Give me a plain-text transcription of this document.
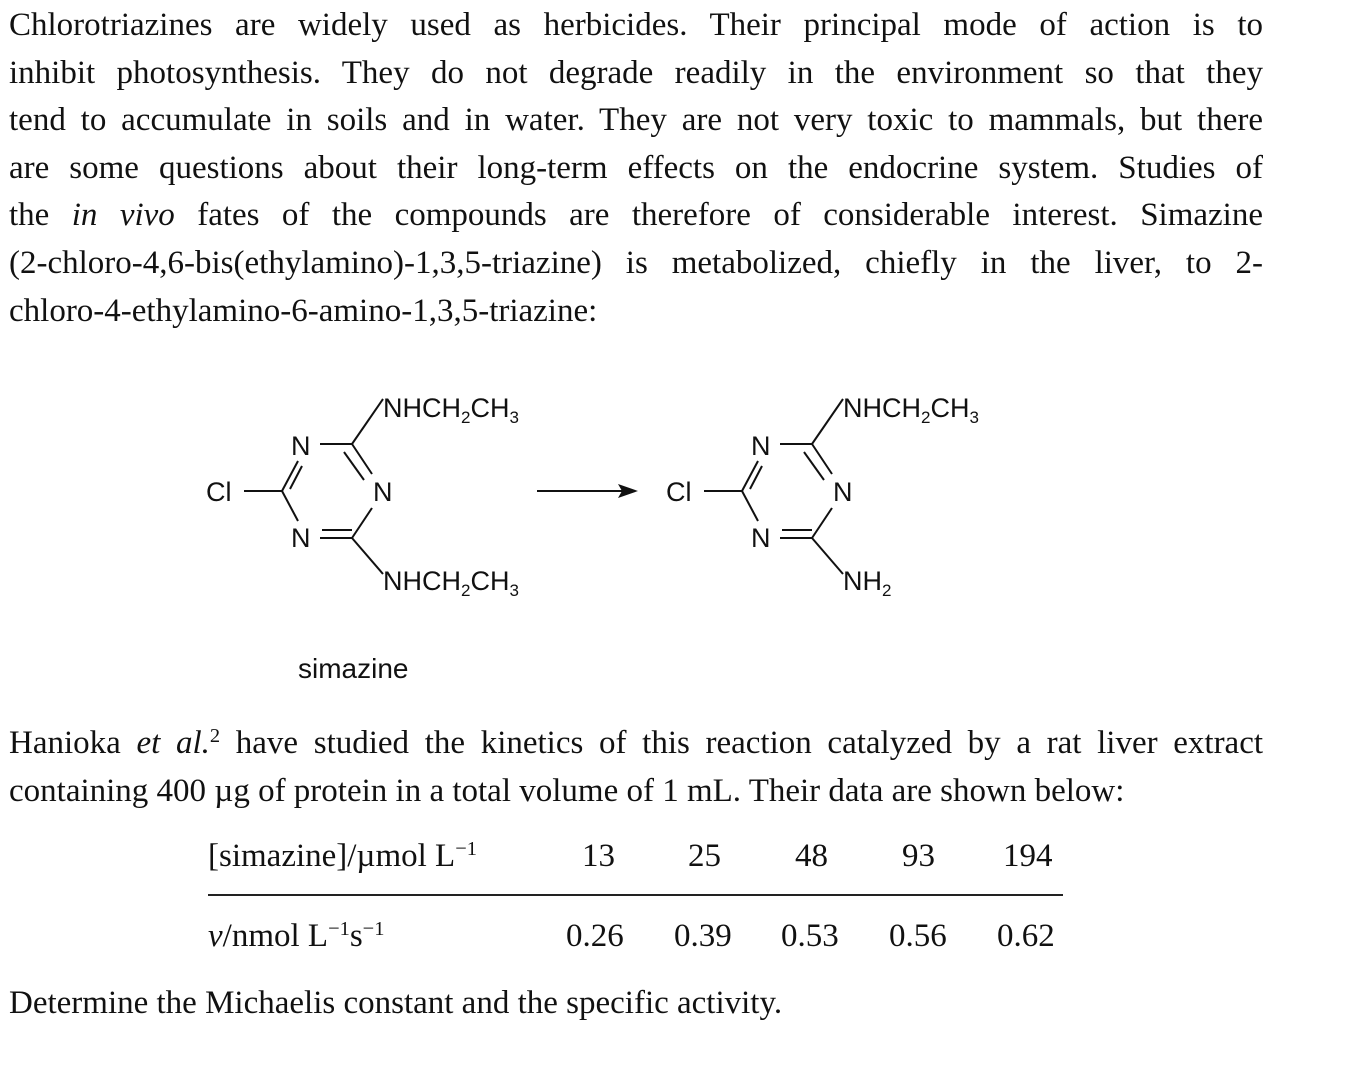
Chlorotriazines are widely used as herbicides. Their principal mode of action is to
inhibit photosynthesis. They do not degrade readily in the environment so that they
tend to accumulate in soils and in water. They are not very toxic to mammals, but there
are some questions about their long-term effects on the endocrine system. Studies of
the in vivo fates of the compounds are therefore of considerable interest. Simazine
(2-chloro-4,6-bis(ethylamino)-1,3,5-triazine) is metabolized, chiefly in the liver, to 2-
chloro-4-ethylamino-6-amino-1,3,5-triazine:
Cl
N
N
N
$NHCH_2CH_3$
$NHCH_2CH_3$
simazine
Cl
N
N
N
$NHCH_2CH_3$
$NH_2$
Hanioka et al.$^2$ have studied the kinetics of this reaction catalyzed by a rat liver extract
containing 400 µg of protein in a total volume of 1 mL. Their data are shown below:
[simazine]/µmol $L^{-1}$	13 25 48 93 194
v/nmol $L^{-1}s^{-1}$	0.26 0.39 0.53 0.56 0.62
Determine the Michaelis constant and the specific activity.
